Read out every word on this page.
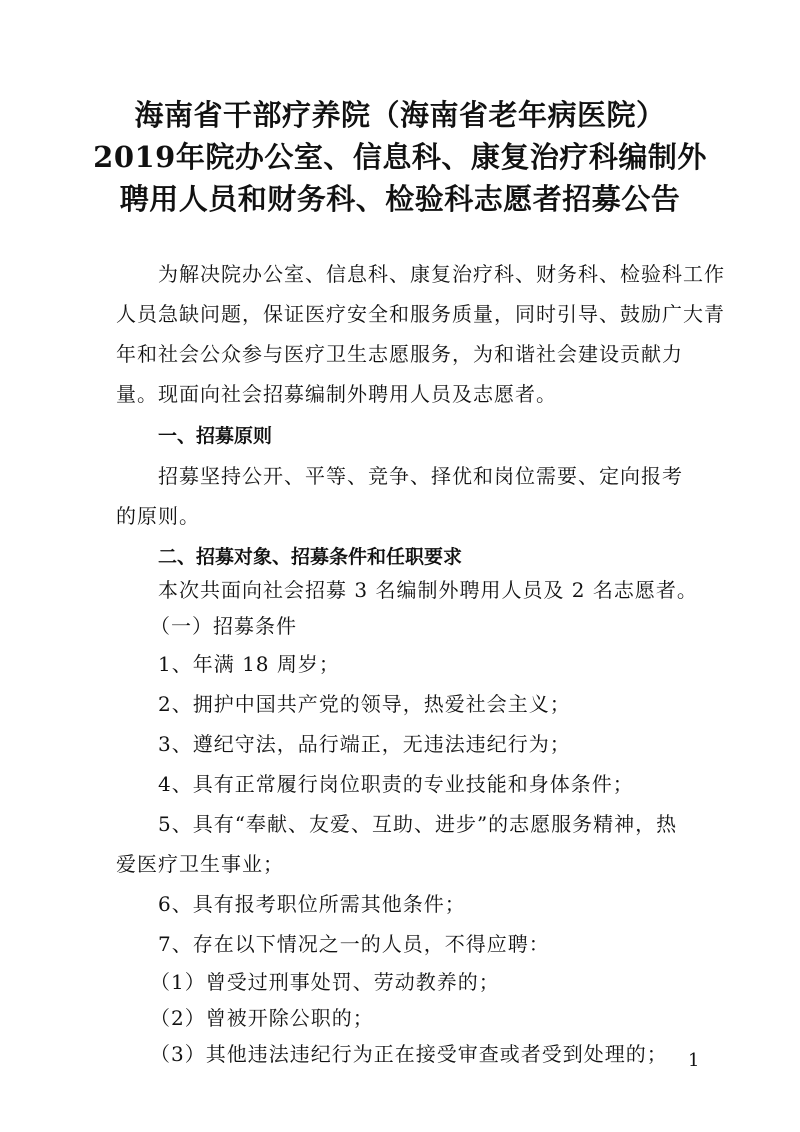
海南省干部疗养院（海南省老年病医院）
2019年院办公室、信息科、康复治疗科编制外
聘用人员和财务科、检验科志愿者招募公告
为解决院办公室、信息科、康复治疗科、财务科、检验科工作
人员急缺问题，保证医疗安全和服务质量，同时引导、鼓励广大青
年和社会公众参与医疗卫生志愿服务，为和谐社会建设贡献力
量。现面向社会招募编制外聘用人员及志愿者。
一、招募原则
招募坚持公开、平等、竞争、择优和岗位需要、定向报考
的原则。
二、招募对象、招募条件和任职要求
本次共面向社会招募 3 名编制外聘用人员及 2 名志愿者。
（一）招募条件
1、年满 18 周岁；
2、拥护中国共产党的领导，热爱社会主义；
3、遵纪守法，品行端正，无违法违纪行为；
4、具有正常履行岗位职责的专业技能和身体条件；
5、具有“奉献、友爱、互助、进步”的志愿服务精神，热
爱医疗卫生事业；
6、具有报考职位所需其他条件；
7、存在以下情况之一的人员，不得应聘：
（1）曾受过刑事处罚、劳动教养的；
（2）曾被开除公职的；
（3）其他违法违纪行为正在接受审查或者受到处理的；	1
